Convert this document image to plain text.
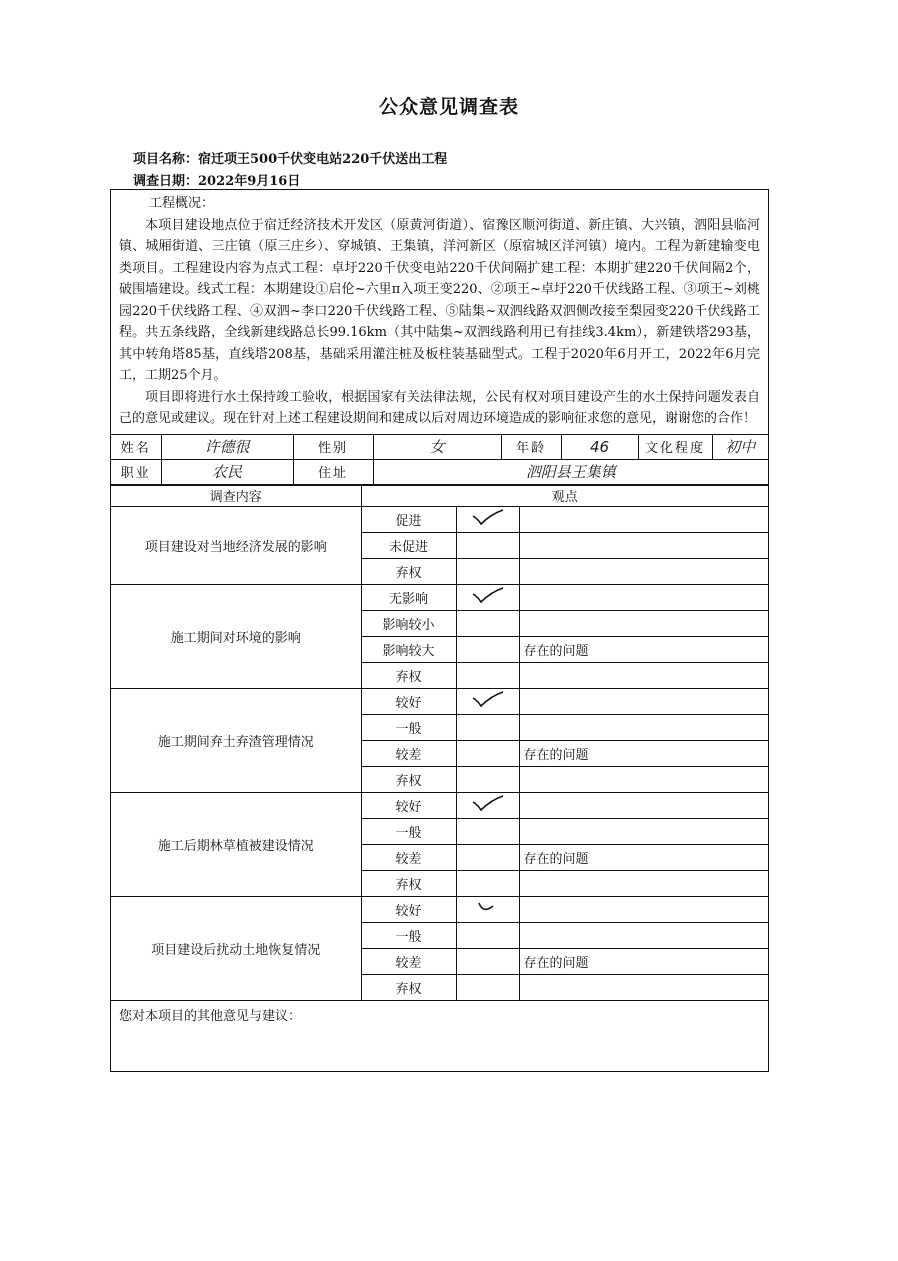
公众意见调查表
项目名称：宿迁项王500千伏变电站220千伏送出工程
调查日期：2022年9月16日
工程概况：
本项目建设地点位于宿迁经济技术开发区（原黄河街道）、宿豫区顺河街道、新庄镇、大兴镇，泗阳县临河镇、城厢街道、三庄镇（原三庄乡）、穿城镇、王集镇，洋河新区（原宿城区洋河镇）境内。工程为新建输变电类项目。工程建设内容为点式工程：卓圩220千伏变电站220千伏间隔扩建工程：本期扩建220千伏间隔2个，破围墙建设。线式工程：本期建设①启伦~六里π入项王变220、②项王~卓圩220千伏线路工程、③项王~刘桃园220千伏线路工程、④双泗~李口220千伏线路工程、⑤陆集~双泗线路双泗侧改接至梨园变220千伏线路工程。共五条线路，全线新建线路总长99.16km（其中陆集~双泗线路利用已有挂线3.4km），新建铁塔293基，其中转角塔85基，直线塔208基，基础采用灌注桩及板柱装基础型式。工程于2020年6月开工，2022年6月完工，工期25个月。
项目即将进行水土保持竣工验收，根据国家有关法律法规，公民有权对项目建设产生的水土保持问题发表自己的意见或建议。现在针对上述工程建设期间和建成以后对周边环境造成的影响征求您的意见，谢谢您的合作！
姓名	许德很	性别	女	年龄	46	文化程度	初中
职业	农民	住址	泗阳县王集镇				
调查内容	观点		
项目建设对当地经济发展的影响	促进	

	未促进		
	弃权		
施工期间对环境的影响	无影响	

	影响较小		
	影响较大		存在的问题
	弃权		
施工期间弃土弃渣管理情况	较好	

	一般		
	较差		存在的问题
	弃权		
施工后期林草植被建设情况	较好	

	一般		
	较差		存在的问题
	弃权		
项目建设后扰动土地恢复情况	较好	

	一般		
	较差		存在的问题
	弃权		
您对本项目的其他意见与建议：
